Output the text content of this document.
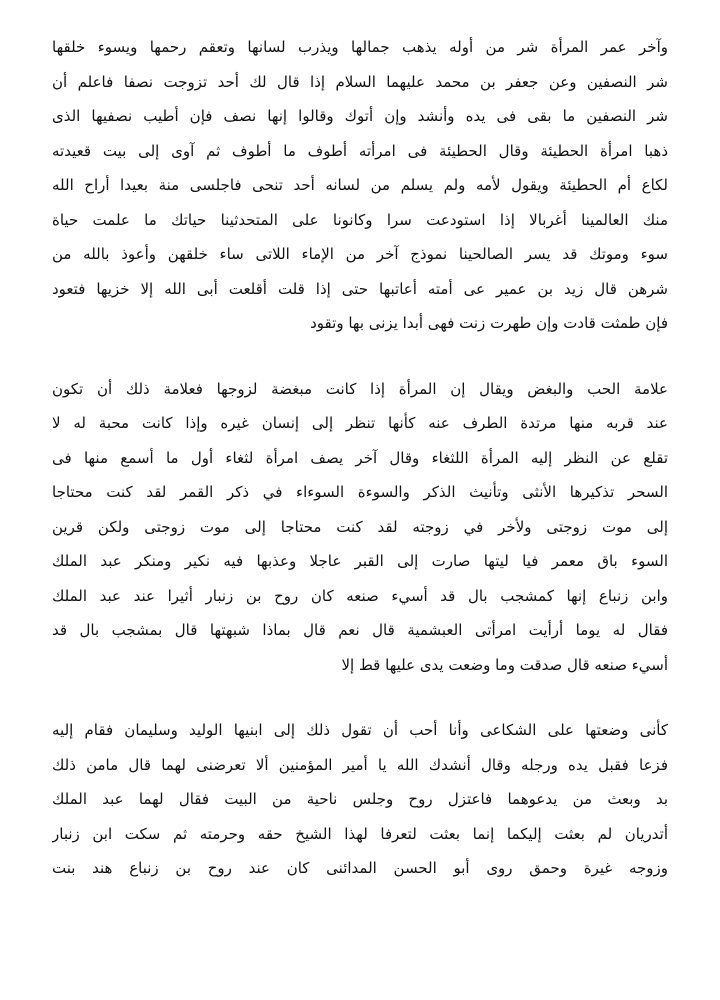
وآخر عمر المرأة شر من أوله يذهب جمالها ويذرب لسانها وتعقم رحمها ويسوء خلقها
شر النصفين وعن جعفر بن محمد عليهما السلام إذا قال لك أحد تزوجت نصفا فاعلم أن
شر النصفين ما بقى فى يده وأنشد وإن أتوك وقالوا إنها نصف فإن أطيب نصفيها الذى
ذهبا امرأة الحطيئة وقال الحطيئة فى امرأته أطوف ما أطوف ثم آوى إلى بيت قعيدته
لكاع أم الحطيئة ويقول لأمه ولم يسلم من لسانه أحد تنحى فاجلسى منة بعيدا أراح الله
منك العالمينا أغربالا إذا استودعت سرا وكانونا على المتحدثينا حياتك ما علمت حياة
سوء وموتك قد يسر الصالحينا نموذج آخر من الإماء اللاتى ساء خلقهن وأعوذ بالله من
شرهن قال زيد بن عمير عى أمته أعاتبها حتى إذا قلت أقلعت أبى الله إلا خزيها فتعود
فإن طمثت قادت وإن طهرت زنت فهى أبدا يزنى بها وتقود
علامة الحب والبغض ويقال إن المرأة إذا كانت مبغضة لزوجها فعلامة ذلك أن تكون
عند قربه منها مرتدة الطرف عنه كأنها تنظر إلى إنسان غيره وإذا كانت محبة له لا
تقلع عن النظر إليه المرأة اللثغاء وقال آخر يصف امرأة لثغاء أول ما أسمع منها فى
السحر تذكيرها الأنثى وتأنيث الذكر والسوءة السوءاء في ذكر القمر لقد كنت محتاجا
إلى موت زوجتى ولأخر في زوجته لقد كنت محتاجا إلى موت زوجتى ولكن قرين
السوء باق معمر فيا ليتها صارت إلى القبر عاجلا وعذبها فيه نكير ومنكر عبد الملك
وابن زنباع إنها كمشجب بال قد أسيء صنعه كان روح بن زنبار أثيرا عند عبد الملك
فقال له يوما أرأيت امرأتى العبشمية قال نعم قال بماذا شبهتها قال بمشجب بال قد
أسيء صنعه قال صدقت وما وضعت يدى عليها قط إلا
كأنى وضعتها على الشكاعى وأنا أحب أن تقول ذلك إلى ابنيها الوليد وسليمان فقام إليه
فزعا فقبل يده ورجله وقال أنشدك الله يا أمير المؤمنين ألا تعرضنى لهما قال مامن ذلك
بد وبعث من يدعوهما فاعتزل روح وجلس ناحية من البيت فقال لهما عبد الملك
أتدريان لم بعثت إليكما إنما بعثت لتعرفا لهذا الشيخ حقه وحرمته ثم سكت ابن زنبار
وزوجه غيرة وحمق روى أبو الحسن المدائنى كان عند روح بن زنباع هند بنت
